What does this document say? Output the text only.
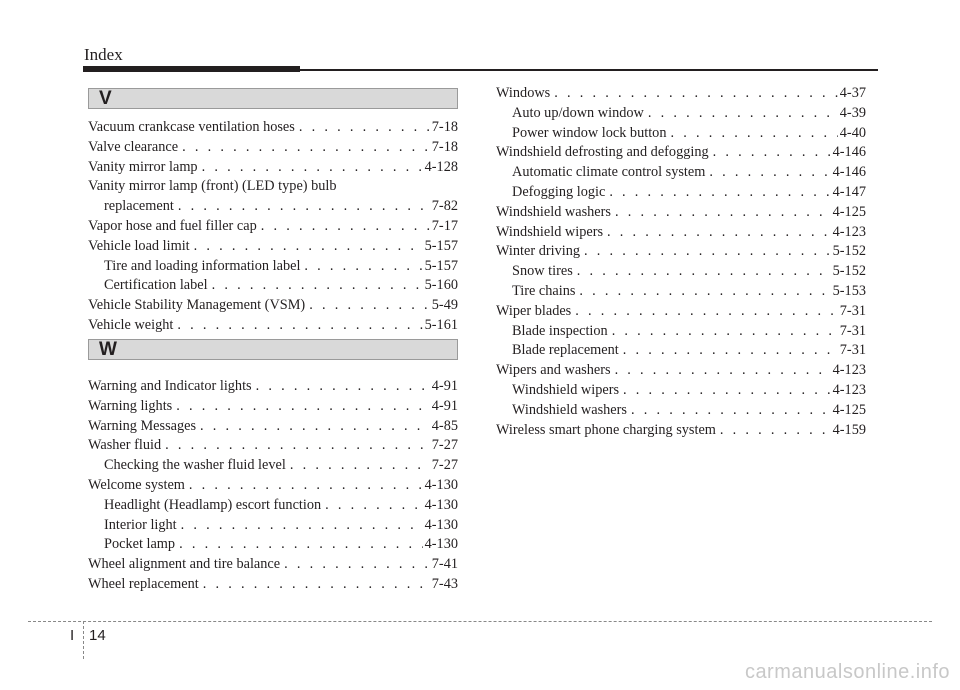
Index
V
Vacuum crankcase ventilation hoses . . .	7-18
Valve clearance . . .	7-18
Vanity mirror lamp . . .	4-128
Vanity mirror lamp (front) (LED type) bulb
replacement . . .	7-82
Vapor hose and fuel filler cap . . .	7-17
Vehicle load limit . . .	5-157
Tire and loading information label . . .	5-157
Certification label . . .	5-160
Vehicle Stability Management (VSM) . . .	5-49
Vehicle weight . . .	5-161
W
Warning and Indicator lights . . .	4-91
Warning lights . . .	4-91
Warning Messages . . .	4-85
Washer fluid . . .	7-27
Checking the washer fluid level . . .	7-27
Welcome system . . .	4-130
Headlight (Headlamp) escort function . . .	4-130
Interior light . . .	4-130
Pocket lamp . . .	4-130
Wheel alignment and tire balance . . .	7-41
Wheel replacement . . .	7-43
Windows . . .	4-37
Auto up/down window . . .	4-39
Power window lock button . . .	4-40
Windshield defrosting and defogging . . .	4-146
Automatic climate control system . . .	4-146
Defogging logic . . .	4-147
Windshield washers . . .	4-125
Windshield wipers . . .	4-123
Winter driving . . .	5-152
Snow tires . . .	5-152
Tire chains . . .	5-153
Wiper blades . . .	7-31
Blade inspection . . .	7-31
Blade replacement . . .	7-31
Wipers and washers . . .	4-123
Windshield wipers . . .	4-123
Windshield washers . . .	4-125
Wireless smart phone charging system . . .	4-159
I 14
carmanualsonline.info
